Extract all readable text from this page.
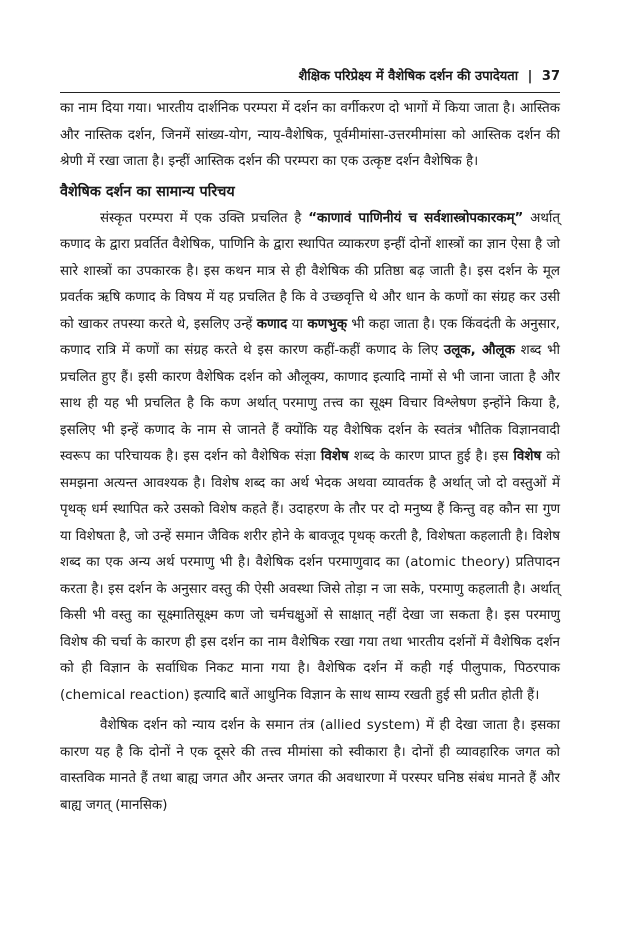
शैक्षिक परिप्रेक्ष्य में वैशेषिक दर्शन की उपादेयता | 37

का नाम दिया गया। भारतीय दार्शनिक परम्परा में दर्शन का वर्गीकरण दो भागों में किया जाता है। आस्तिक और नास्तिक दर्शन, जिनमें सांख्य-योग, न्याय-वैशेषिक, पूर्वमीमांसा-उत्तरमीमांसा को आस्तिक दर्शन की श्रेणी में रखा जाता है। इन्हीं आस्तिक दर्शन की परम्परा का एक उत्कृष्ट दर्शन वैशेषिक है।

वैशेषिक दर्शन का सामान्य परिचय

संस्कृत परम्परा में एक उक्ति प्रचलित है “काणावं पाणिनीयं च सर्वशास्त्रोपकारकम्” अर्थात् कणाद के द्वारा प्रवर्तित वैशेषिक, पाणिनि के द्वारा स्थापित व्याकरण इन्हीं दोनों शास्त्रों का ज्ञान ऐसा है जो सारे शास्त्रों का उपकारक है। इस कथन मात्र से ही वैशेषिक की प्रतिष्ठा बढ़ जाती है। इस दर्शन के मूल प्रवर्तक ऋषि कणाद के विषय में यह प्रचलित है कि वे उच्छवृत्ति थे और धान के कणों का संग्रह कर उसी को खाकर तपस्या करते थे, इसलिए उन्हें कणाद या कणभुक् भी कहा जाता है। एक किंवदंती के अनुसार, कणाद रात्रि में कणों का संग्रह करते थे इस कारण कहीं-कहीं कणाद के लिए उलूक, औलूक शब्द भी प्रचलित हुए हैं। इसी कारण वैशेषिक दर्शन को औलूक्य, काणाद इत्यादि नामों से भी जाना जाता है और साथ ही यह भी प्रचलित है कि कण अर्थात् परमाणु तत्त्व का सूक्ष्म विचार विश्लेषण इन्होंने किया है, इसलिए भी इन्हें कणाद के नाम से जानते हैं क्योंकि यह वैशेषिक दर्शन के स्वतंत्र भौतिक विज्ञानवादी स्वरूप का परिचायक है। इस दर्शन को वैशेषिक संज्ञा विशेष शब्द के कारण प्राप्त हुई है। इस विशेष को समझना अत्यन्त आवश्यक है। विशेष शब्द का अर्थ भेदक अथवा व्यावर्तक है अर्थात् जो दो वस्तुओं में पृथक् धर्म स्थापित करे उसको विशेष कहते हैं। उदाहरण के तौर पर दो मनुष्य हैं किन्तु वह कौन सा गुण या विशेषता है, जो उन्हें समान जैविक शरीर होने के बावजूद पृथक् करती है, विशेषता कहलाती है। विशेष शब्द का एक अन्य अर्थ परमाणु भी है। वैशेषिक दर्शन परमाणुवाद का (atomic theory) प्रतिपादन करता है। इस दर्शन के अनुसार वस्तु की ऐसी अवस्था जिसे तोड़ा न जा सके, परमाणु कहलाती है। अर्थात् किसी भी वस्तु का सूक्ष्मातिसूक्ष्म कण जो चर्मचक्षुओं से साक्षात् नहीं देखा जा सकता है। इस परमाणु विशेष की चर्चा के कारण ही इस दर्शन का नाम वैशेषिक रखा गया तथा भारतीय दर्शनों में वैशेषिक दर्शन को ही विज्ञान के सर्वाधिक निकट माना गया है। वैशेषिक दर्शन में कही गई पीलुपाक, पिठरपाक (chemical reaction) इत्यादि बातें आधुनिक विज्ञान के साथ साम्य रखती हुई सी प्रतीत होती हैं।

वैशेषिक दर्शन को न्याय दर्शन के समान तंत्र (allied system) में ही देखा जाता है। इसका कारण यह है कि दोनों ने एक दूसरे की तत्त्व मीमांसा को स्वीकारा है। दोनों ही व्यावहारिक जगत को वास्तविक मानते हैं तथा बाह्य जगत और अन्तर जगत की अवधारणा में परस्पर घनिष्ठ संबंध मानते हैं और बाह्य जगत् (मानसिक)
